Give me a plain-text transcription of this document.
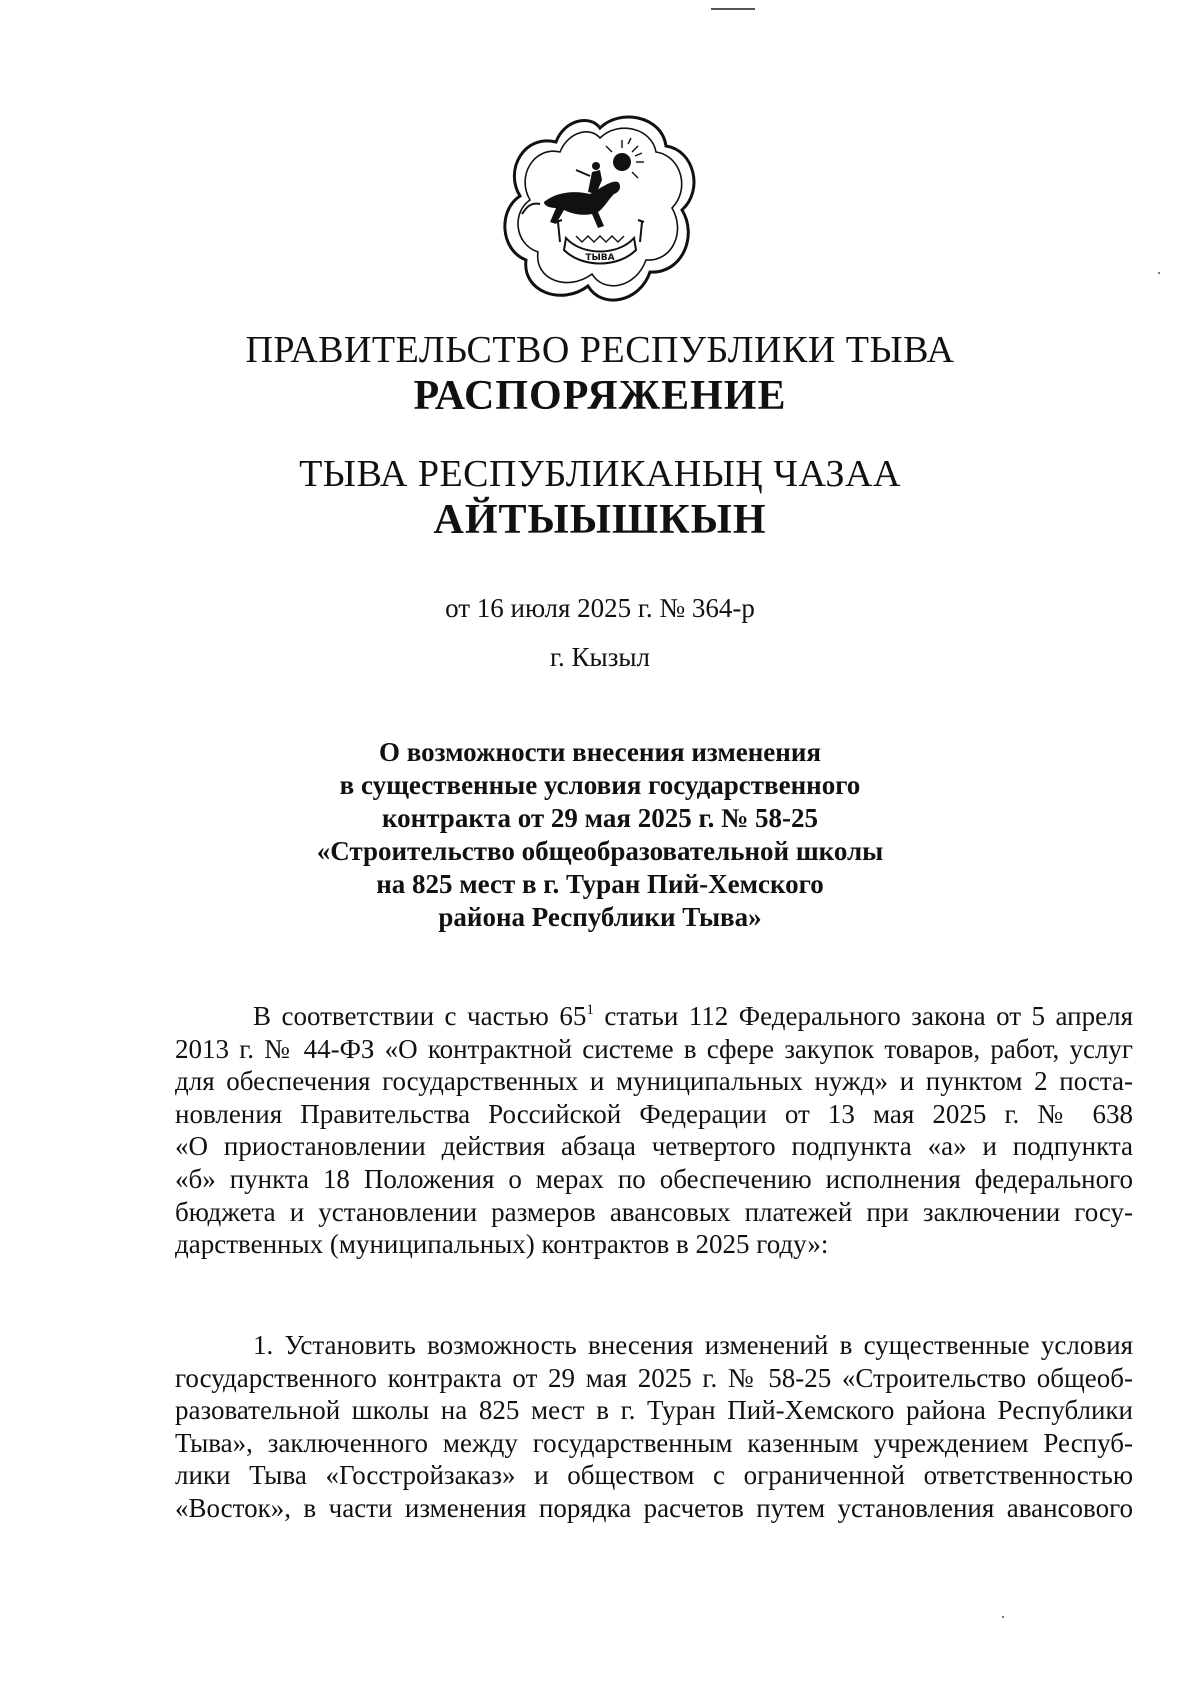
ТЫВА
ПРАВИТЕЛЬСТВО РЕСПУБЛИКИ ТЫВА
РАСПОРЯЖЕНИЕ
ТЫВА РЕСПУБЛИКАНЫҢ ЧАЗАА
АЙТЫЫШКЫН
от 16 июля 2025 г. № 364-р
г. Кызыл
О возможности внесения изменения
в существенные условия государственного
контракта от 29 мая 2025 г. № 58-25
«Строительство общеобразовательной школы
на 825 мест в г. Туран Пий-Хемского
района Республики Тыва»
В соответствии с частью $65^1$ статьи 112 Федерального закона от 5 апреля
2013 г. № 44-ФЗ «О контрактной системе в сфере закупок товаров, работ, услуг
для обеспечения государственных и муниципальных нужд» и пунктом 2 поста-
новления Правительства Российской Федерации от 13 мая 2025 г. № 638
«О приостановлении действия абзаца четвертого подпункта «а» и подпункта
«б» пункта 18 Положения о мерах по обеспечению исполнения федерального
бюджета и установлении размеров авансовых платежей при заключении госу-
дарственных (муниципальных) контрактов в 2025 году»:
1. Установить возможность внесения изменений в существенные условия
государственного контракта от 29 мая 2025 г. № 58-25 «Строительство общеоб-
разовательной школы на 825 мест в г. Туран Пий-Хемского района Республики
Тыва», заключенного между государственным казенным учреждением Респуб-
лики Тыва «Госстройзаказ» и обществом с ограниченной ответственностью
«Восток», в части изменения порядка расчетов путем установления авансового
